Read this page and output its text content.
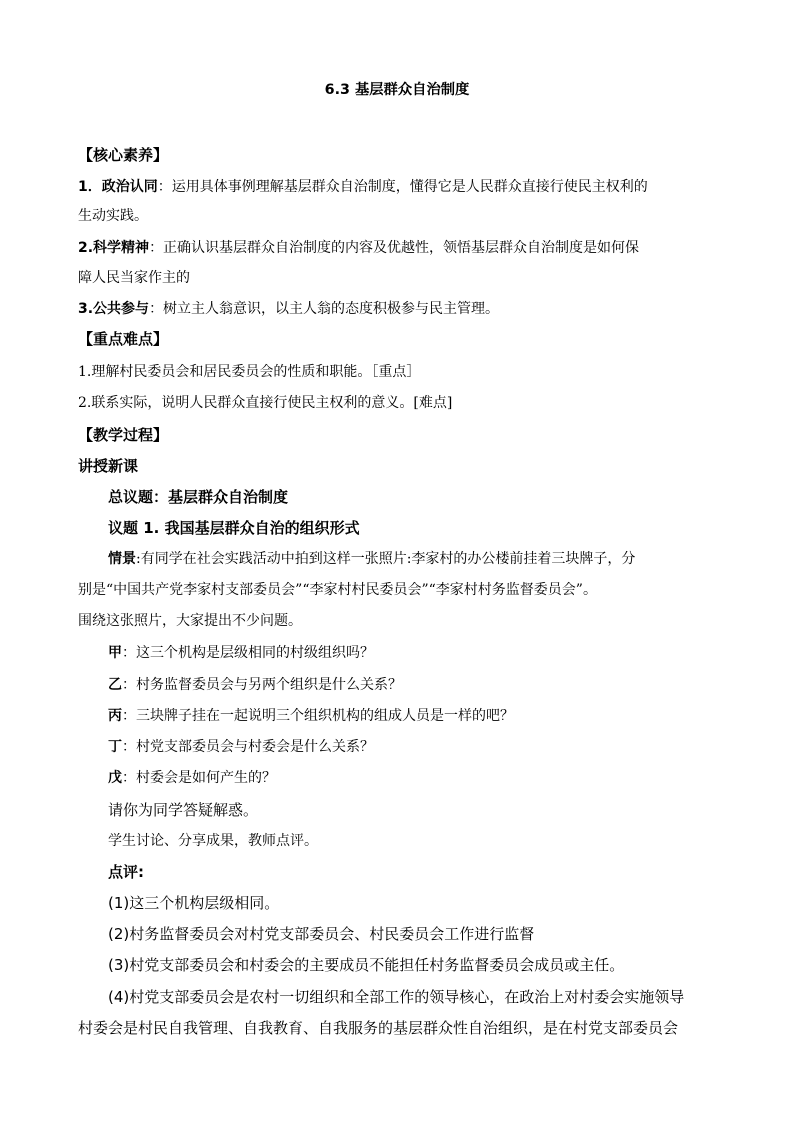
6.3 基层群众自治制度
【核心素养】
1．政治认同：运用具体事例理解基层群众自治制度，懂得它是人民群众直接行使民主权利的
生动实践。
2.科学精神：正确认识基层群众自治制度的内容及优越性，领悟基层群众自治制度是如何保
障人民当家作主的
3.公共参与：树立主人翁意识，以主人翁的态度积极参与民主管理。
【重点难点】
1.理解村民委员会和居民委员会的性质和职能。［重点］
2.联系实际，说明人民群众直接行使民主权利的意义。[难点]
【教学过程】
讲授新课
总议题：基层群众自治制度
议题 1. 我国基层群众自治的组织形式
情景:有同学在社会实践活动中拍到这样一张照片:李家村的办公楼前挂着三块牌子，分
别是“中国共产党李家村支部委员会”“李家村村民委员会”“李家村村务监督委员会”。
围绕这张照片，大家提出不少问题。
甲：这三个机构是层级相同的村级组织吗？
乙：村务监督委员会与另两个组织是什么关系？
丙：三块牌子挂在一起说明三个组织机构的组成人员是一样的吧？
丁：村党支部委员会与村委会是什么关系？
戊：村委会是如何产生的？
请你为同学答疑解惑。
学生讨论、分享成果，教师点评。
点评:
(1)这三个机构层级相同。
(2)村务监督委员会对村党支部委员会、村民委员会工作进行监督
(3)村党支部委员会和村委会的主要成员不能担任村务监督委员会成员或主任。
(4)村党支部委员会是农村一切组织和全部工作的领导核心，在政治上对村委会实施领导
村委会是村民自我管理、自我教育、自我服务的基层群众性自治组织，是在村党支部委员会
